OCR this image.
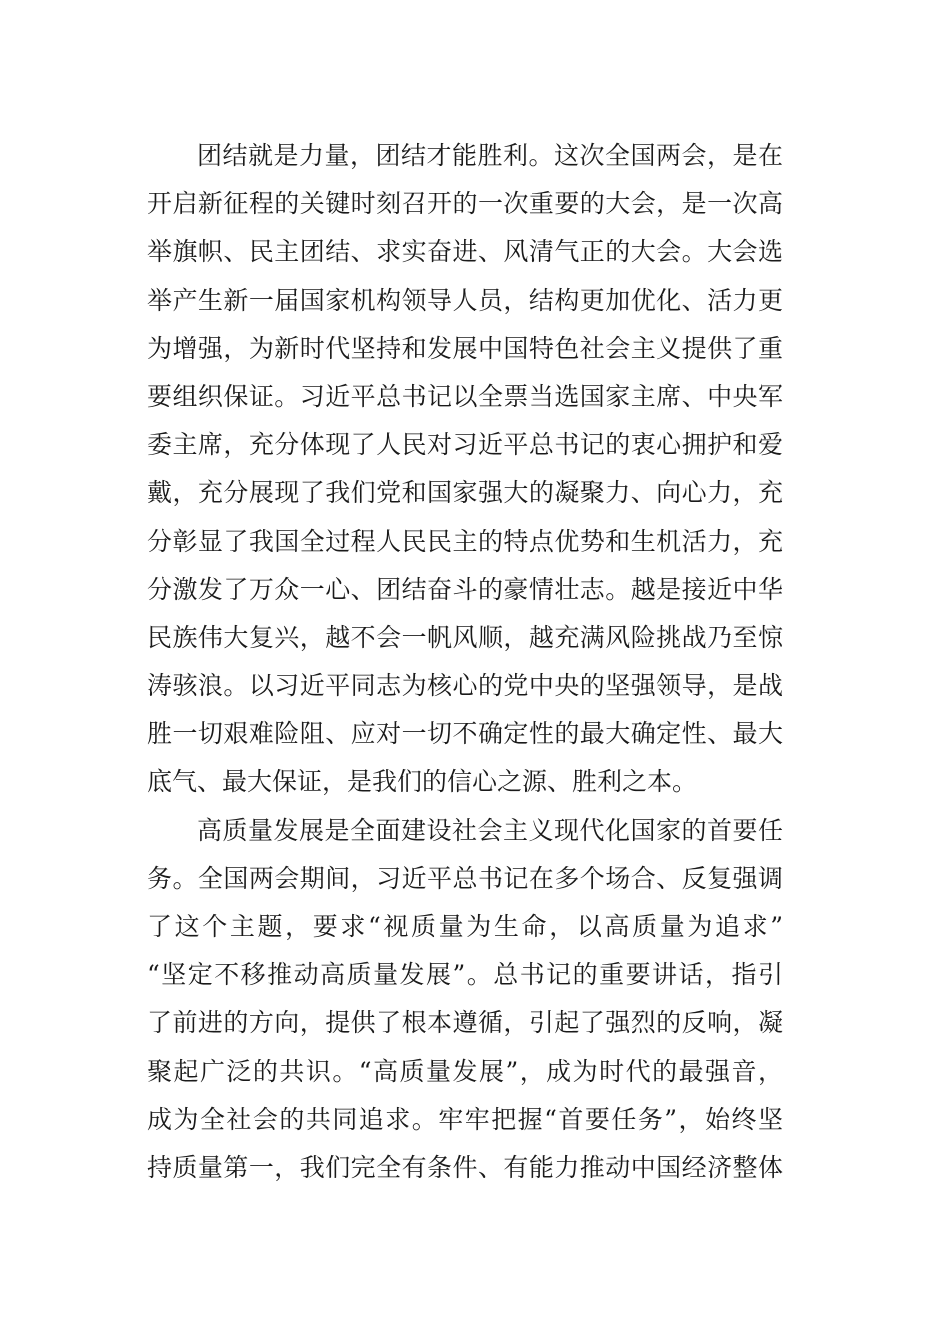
团结就是力量，团结才能胜利。这次全国两会，是在
开启新征程的关键时刻召开的一次重要的大会，是一次高
举旗帜、民主团结、求实奋进、风清气正的大会。大会选
举产生新一届国家机构领导人员，结构更加优化、活力更
为增强，为新时代坚持和发展中国特色社会主义提供了重
要组织保证。习近平总书记以全票当选国家主席、中央军
委主席，充分体现了人民对习近平总书记的衷心拥护和爱
戴，充分展现了我们党和国家强大的凝聚力、向心力，充
分彰显了我国全过程人民民主的特点优势和生机活力，充
分激发了万众一心、团结奋斗的豪情壮志。越是接近中华
民族伟大复兴，越不会一帆风顺，越充满风险挑战乃至惊
涛骇浪。以习近平同志为核心的党中央的坚强领导，是战
胜一切艰难险阻、应对一切不确定性的最大确定性、最大
底气、最大保证，是我们的信心之源、胜利之本。
高质量发展是全面建设社会主义现代化国家的首要任
务。全国两会期间，习近平总书记在多个场合、反复强调
了这个主题，要求“视质量为生命，以高质量为追求”
“坚定不移推动高质量发展”。总书记的重要讲话，指引
了前进的方向，提供了根本遵循，引起了强烈的反响，凝
聚起广泛的共识。“高质量发展”，成为时代的最强音，
成为全社会的共同追求。牢牢把握“首要任务”，始终坚
持质量第一，我们完全有条件、有能力推动中国经济整体
